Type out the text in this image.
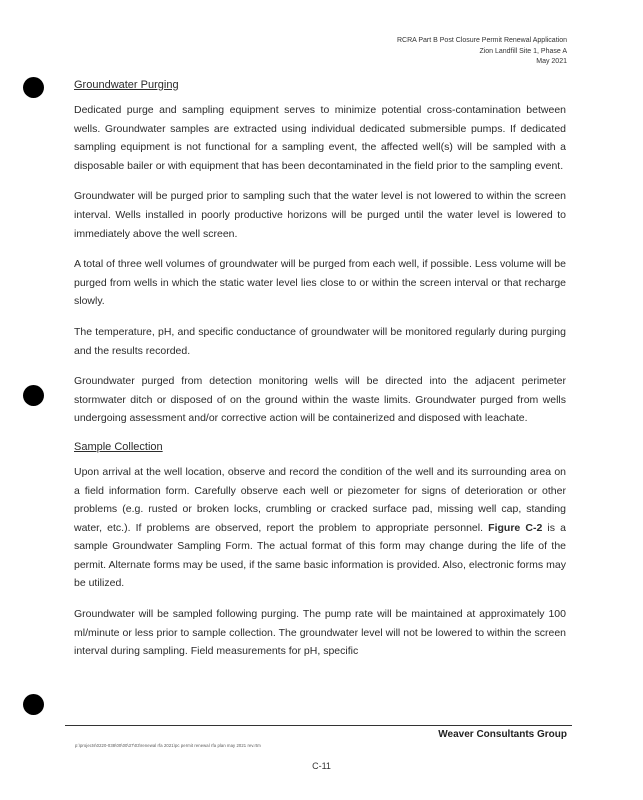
RCRA Part B Post Closure Permit Renewal Application
Zion Landfill Site 1, Phase A
May 2021
Groundwater Purging

Dedicated purge and sampling equipment serves to minimize potential cross-contamination between wells. Groundwater samples are extracted using individual dedicated submersible pumps. If dedicated sampling equipment is not functional for a sampling event, the affected well(s) will be sampled with a disposable bailer or with equipment that has been decontaminated in the field prior to the sampling event.

Groundwater will be purged prior to sampling such that the water level is not lowered to within the screen interval. Wells installed in poorly productive horizons will be purged until the water level is lowered to immediately above the well screen.

A total of three well volumes of groundwater will be purged from each well, if possible. Less volume will be purged from wells in which the static water level lies close to or within the screen interval or that recharge slowly.

The temperature, pH, and specific conductance of groundwater will be monitored regularly during purging and the results recorded.

Groundwater purged from detection monitoring wells will be directed into the adjacent perimeter stormwater ditch or disposed of on the ground within the waste limits. Groundwater purged from wells undergoing assessment and/or corrective action will be containerized and disposed with leachate.

Sample Collection

Upon arrival at the well location, observe and record the condition of the well and its surrounding area on a field information form. Carefully observe each well or piezometer for signs of deterioration or other problems (e.g. rusted or broken locks, crumbling or cracked surface pad, missing well cap, standing water, etc.). If problems are observed, report the problem to appropriate personnel. Figure C-2 is a sample Groundwater Sampling Form. The actual format of this form may change during the life of the permit. Alternate forms may be used, if the same basic information is provided. Also, electronic forms may be utilized.

Groundwater will be sampled following purging. The pump rate will be maintained at approximately 100 ml/minute or less prior to sample collection. The groundwater level will not be lowered to within the screen interval during sampling. Field measurements for pH, specific

Weaver Consultants Group
p:\projects\0220-038\00\00\37\03\renewal rfa 2021\pc permit renewal rfa plan may 2021 rev.rtm
C-11
